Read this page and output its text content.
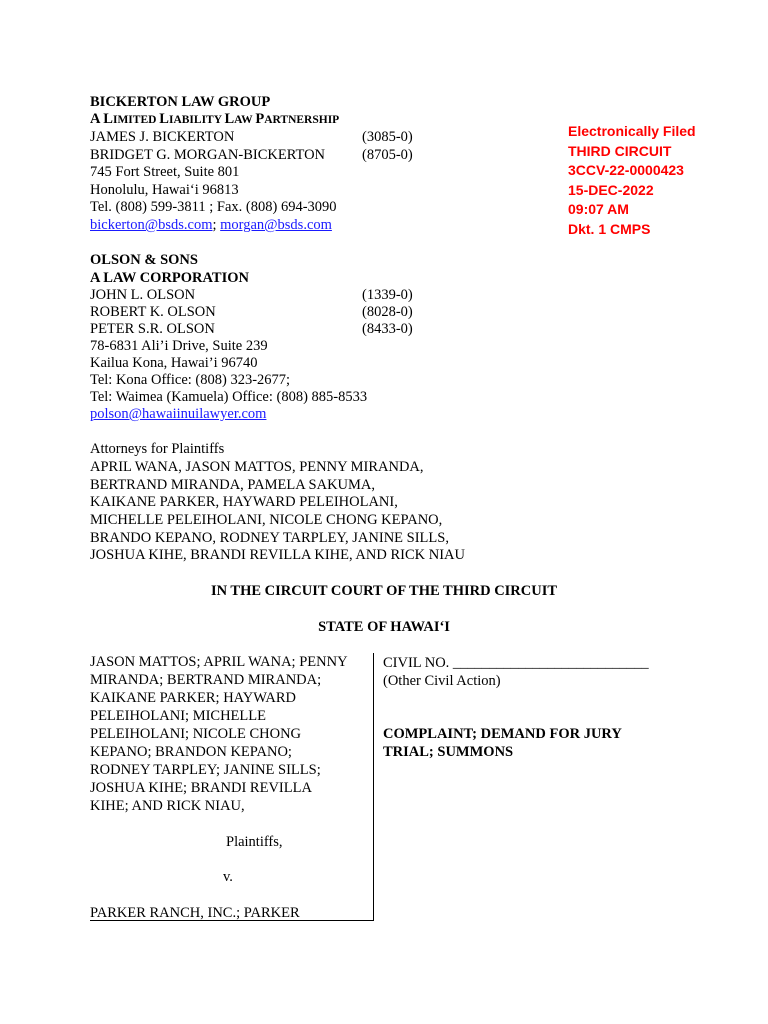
BICKERTON LAW GROUP
A LIMITED LIABILITY LAW PARTNERSHIP
JAMES J. BICKERTON	(3085-0)
BRIDGET G. MORGAN-BICKERTON	(8705-0)
745 Fort Street, Suite 801
Honolulu, Hawai‘i 96813
Tel. (808) 599-3811 ; Fax. (808) 694-3090
bickerton@bsds.com; morgan@bsds.com
Electronically Filed
THIRD CIRCUIT
3CCV-22-0000423
15-DEC-2022
09:07 AM
Dkt. 1 CMPS
OLSON & SONS
A LAW CORPORATION
JOHN L. OLSON	(1339-0)
ROBERT K. OLSON	(8028-0)
PETER S.R. OLSON	(8433-0)
78-6831 Ali’i Drive, Suite 239
Kailua Kona, Hawai’i 96740
Tel: Kona Office: (808) 323-2677;
Tel: Waimea (Kamuela) Office: (808) 885-8533
polson@hawaiinuilawyer.com
Attorneys for Plaintiffs
APRIL WANA, JASON MATTOS, PENNY MIRANDA,
BERTRAND MIRANDA, PAMELA SAKUMA,
KAIKANE PARKER, HAYWARD PELEIHOLANI,
MICHELLE PELEIHOLANI, NICOLE CHONG KEPANO,
BRANDO KEPANO, RODNEY TARPLEY, JANINE SILLS,
JOSHUA KIHE, BRANDI REVILLA KIHE, AND RICK NIAU
IN THE CIRCUIT COURT OF THE THIRD CIRCUIT
STATE OF HAWAI‘I
JASON MATTOS; APRIL WANA; PENNY
MIRANDA; BERTRAND MIRANDA;
KAIKANE PARKER; HAYWARD
PELEIHOLANI; MICHELLE
PELEIHOLANI; NICOLE CHONG
KEPANO; BRANDON KEPANO;
RODNEY TARPLEY; JANINE SILLS;
JOSHUA KIHE; BRANDI REVILLA
KIHE; AND RICK NIAU,
Plaintiffs,
v.
PARKER RANCH, INC.; PARKER
CIVIL NO. ___________________________
(Other Civil Action)
COMPLAINT; DEMAND FOR JURY
TRIAL; SUMMONS
